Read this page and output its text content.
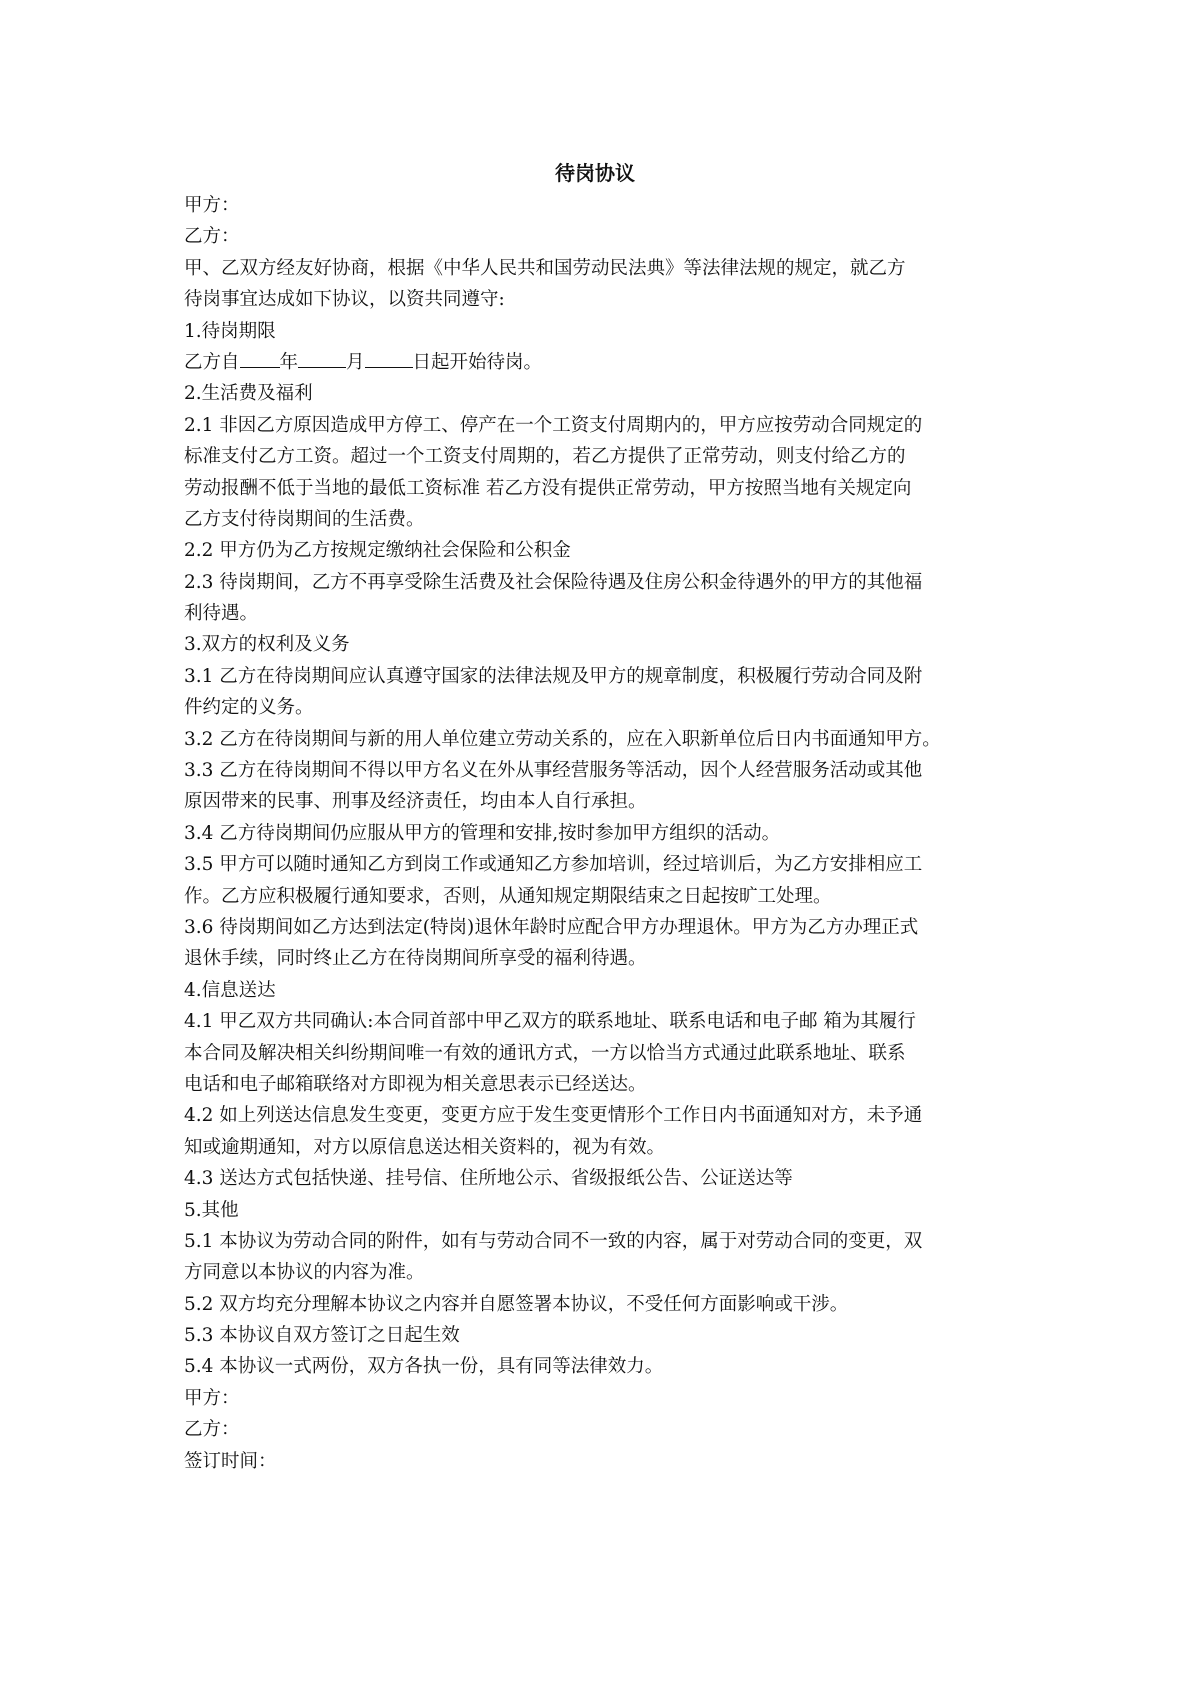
待岗协议
甲方：
乙方：
甲、乙双方经友好协商，根据《中华人民共和国劳动民法典》等法律法规的规定，就乙方
待岗事宜达成如下协议，以资共同遵守:
1.待岗期限
乙方自 年	月	日起开始待岗。
2.生活费及福利
2.1 非因乙方原因造成甲方停工、停产在一个工资支付周期内的，甲方应按劳动合同规定的
标准支付乙方工资。超过一个工资支付周期的，若乙方提供了正常劳动，则支付给乙方的
劳动报酬不低于当地的最低工资标准 若乙方没有提供正常劳动，甲方按照当地有关规定向
乙方支付待岗期间的生活费。
2.2 甲方仍为乙方按规定缴纳社会保险和公积金
2.3 待岗期间，乙方不再享受除生活费及社会保险待遇及住房公积金待遇外的甲方的其他福
利待遇。
3.双方的权利及义务
3.1 乙方在待岗期间应认真遵守国家的法律法规及甲方的规章制度，积极履行劳动合同及附
件约定的义务。
3.2 乙方在待岗期间与新的用人单位建立劳动关系的，应在入职新单位后日内书面通知甲方。
3.3 乙方在待岗期间不得以甲方名义在外从事经营服务等活动，因个人经营服务活动或其他
原因带来的民事、刑事及经济责任，均由本人自行承担。
3.4 乙方待岗期间仍应服从甲方的管理和安排,按时参加甲方组织的活动。
3.5 甲方可以随时通知乙方到岗工作或通知乙方参加培训，经过培训后，为乙方安排相应工
作。乙方应积极履行通知要求，否则，从通知规定期限结束之日起按旷工处理。
3.6 待岗期间如乙方达到法定(特岗)退休年龄时应配合甲方办理退休。甲方为乙方办理正式
退休手续，同时终止乙方在待岗期间所享受的福利待遇。
4.信息送达
4.1 甲乙双方共同确认:本合同首部中甲乙双方的联系地址、联系电话和电子邮 箱为其履行
本合同及解决相关纠纷期间唯一有效的通讯方式，一方以恰当方式通过此联系地址、联系
电话和电子邮箱联络对方即视为相关意思表示已经送达。
4.2 如上列送达信息发生变更，变更方应于发生变更情形个工作日内书面通知对方，未予通
知或逾期通知，对方以原信息送达相关资料的，视为有效。
4.3 送达方式包括快递、挂号信、住所地公示、省级报纸公告、公证送达等
5.其他
5.1 本协议为劳动合同的附件，如有与劳动合同不一致的内容，属于对劳动合同的变更，双
方同意以本协议的内容为准。
5.2 双方均充分理解本协议之内容并自愿签署本协议，不受任何方面影响或干涉。
5.3 本协议自双方签订之日起生效
5.4 本协议一式两份，双方各执一份，具有同等法律效力。
甲方：
乙方：
签订时间：
